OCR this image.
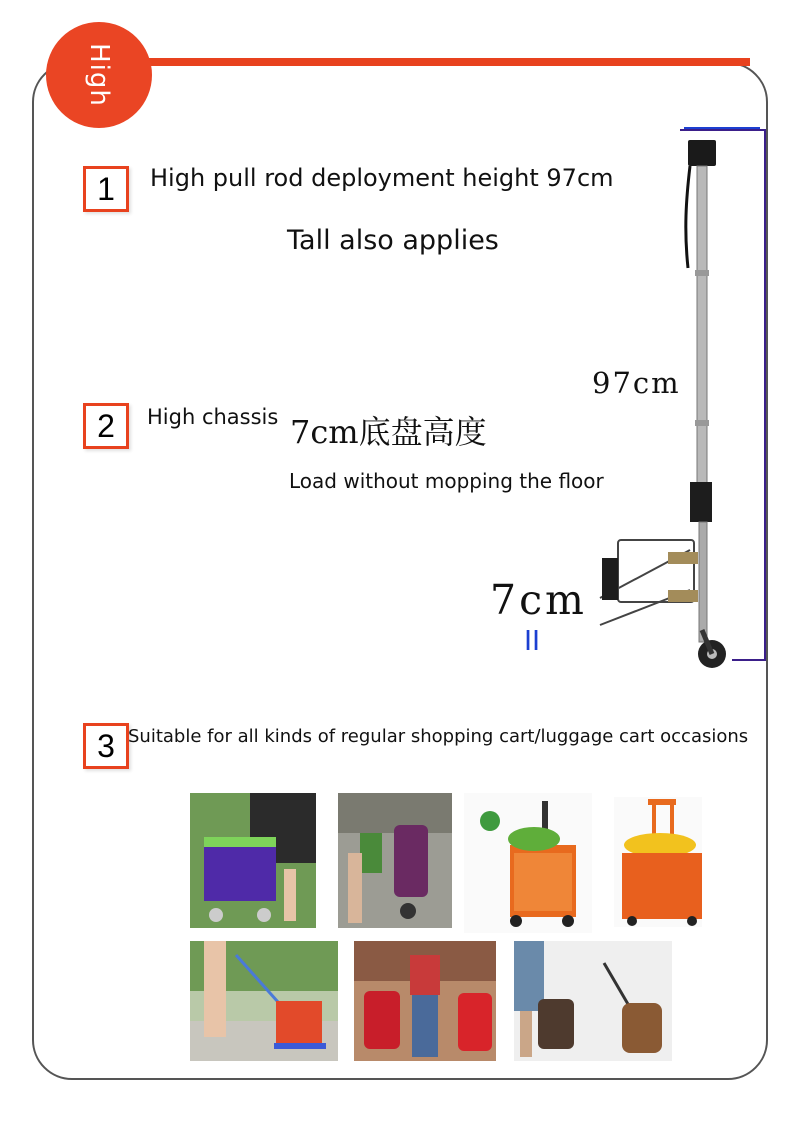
High
1	High pull rod deployment height 97cm
Tall also applies
2	High chassis 7cm底盘高度
Load without mopping the floor
97cm
7cm
II
3 Suitable for all kinds of regular shopping cart/luggage cart occasions
